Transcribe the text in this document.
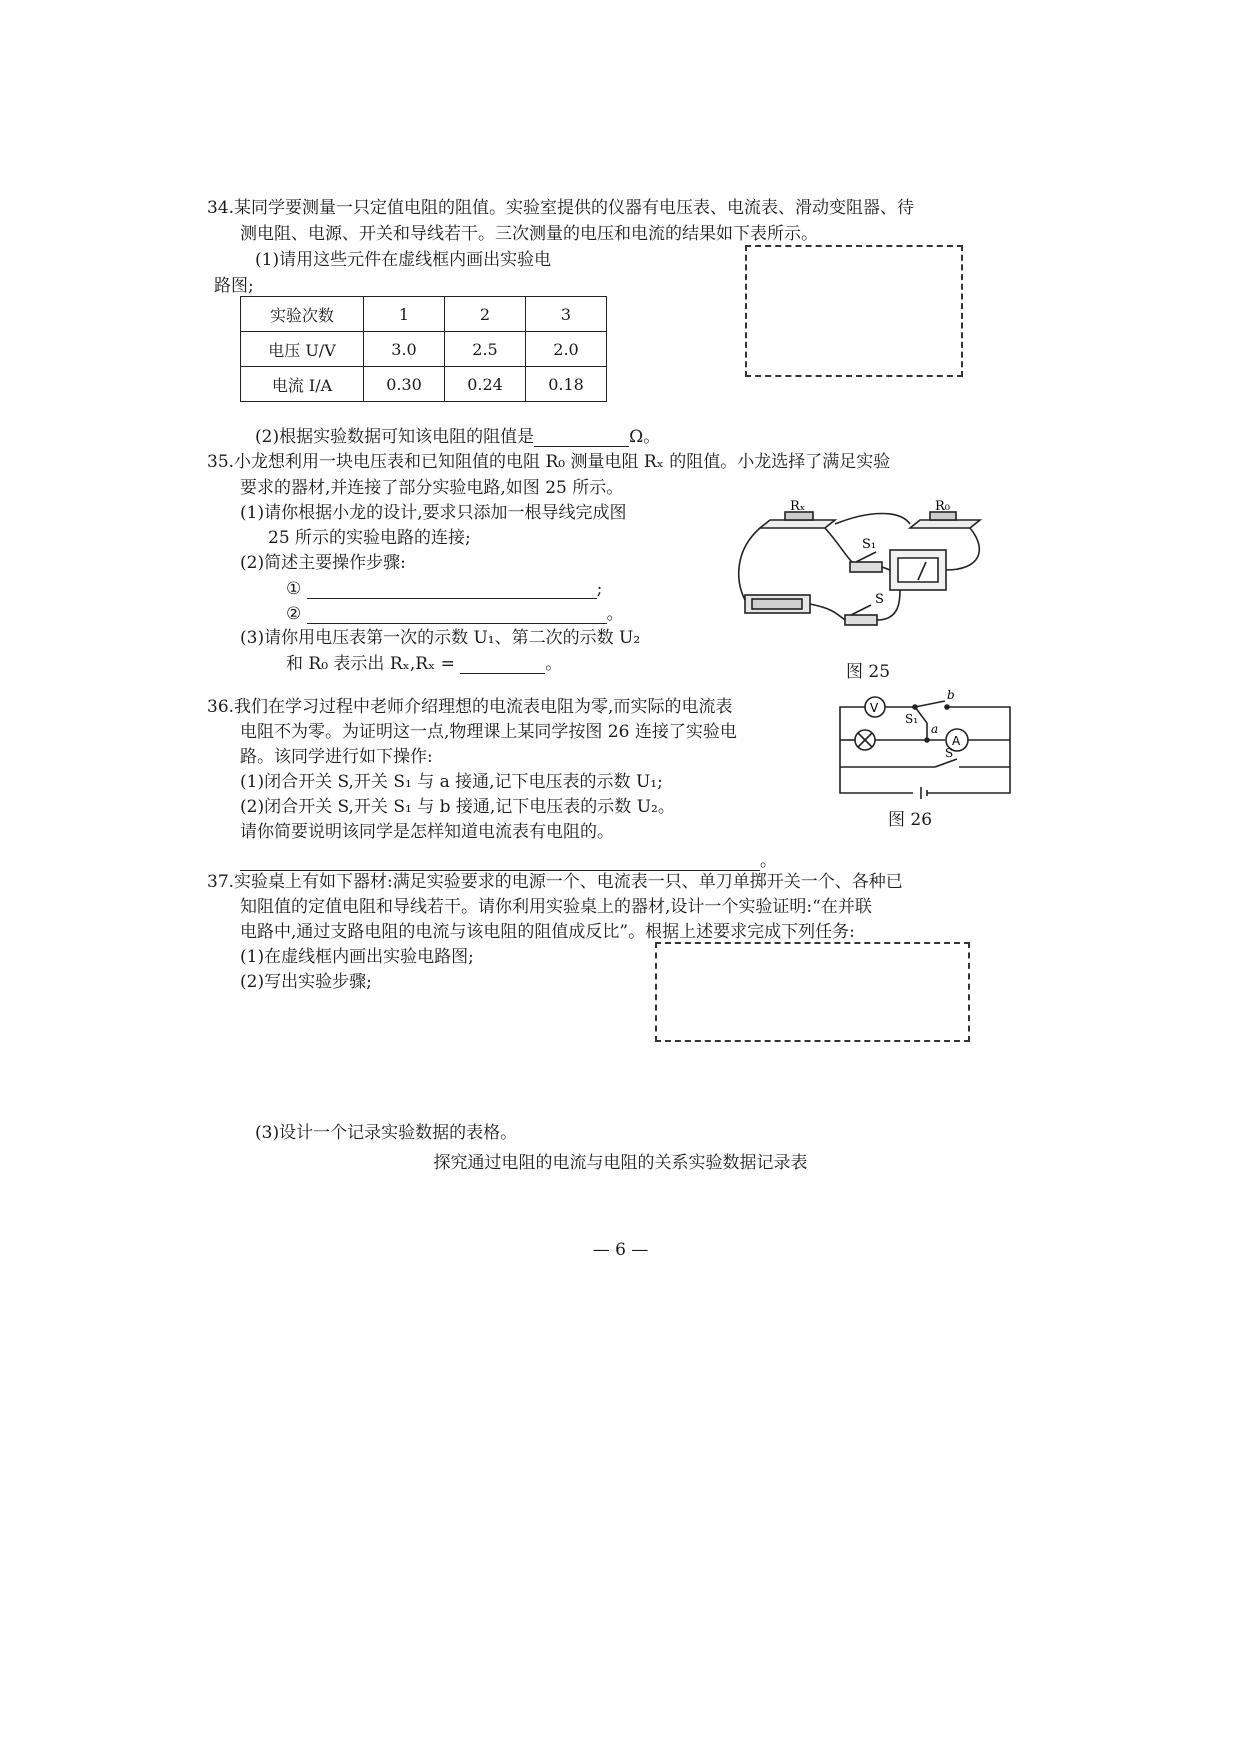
34.某同学要测量一只定值电阻的阻值。实验室提供的仪器有电压表、电流表、滑动变阻器、待
测电阻、电源、开关和导线若干。三次测量的电压和电流的结果如下表所示。
(1)请用这些元件在虚线框内画出实验电
路图;
实验次数	1	2	3
电压 U/V	3.0	2.5	2.0
电流 I/A	0.30	0.24	0.18
(2)根据实验数据可知该电阻的阻值是	Ω。
35.小龙想利用一块电压表和已知阻值的电阻 R₀ 测量电阻 Rₓ 的阻值。小龙选择了满足实验
要求的器材,并连接了部分实验电路,如图 25 所示。
(1)请你根据小龙的设计,要求只添加一根导线完成图
25 所示的实验电路的连接;
(2)简述主要操作步骤:
①	;
②	。
(3)请你用电压表第一次的示数 U₁、第二次的示数 U₂
和 R₀ 表示出 Rₓ,Rₓ =	。
Rₓ	R₀
S₁
S
图 25
36.我们在学习过程中老师介绍理想的电流表电阻为零,而实际的电流表
电阻不为零。为证明这一点,物理课上某同学按图 26 连接了实验电
路。该同学进行如下操作:
(1)闭合开关 S,开关 S₁ 与 a 接通,记下电压表的示数 U₁;
(2)闭合开关 S,开关 S₁ 与 b 接通,记下电压表的示数 U₂。
请你简要说明该同学是怎样知道电流表有电阻的。
。
V
A
b
a
S₁
S
图 26
37.实验桌上有如下器材:满足实验要求的电源一个、电流表一只、单刀单掷开关一个、各种已
知阻值的定值电阻和导线若干。请你利用实验桌上的器材,设计一个实验证明:“在并联
电路中,通过支路电阻的电流与该电阻的阻值成反比”。根据上述要求完成下列任务:
(1)在虚线框内画出实验电路图;
(2)写出实验步骤;
(3)设计一个记录实验数据的表格。
探究通过电阻的电流与电阻的关系实验数据记录表
— 6 —
